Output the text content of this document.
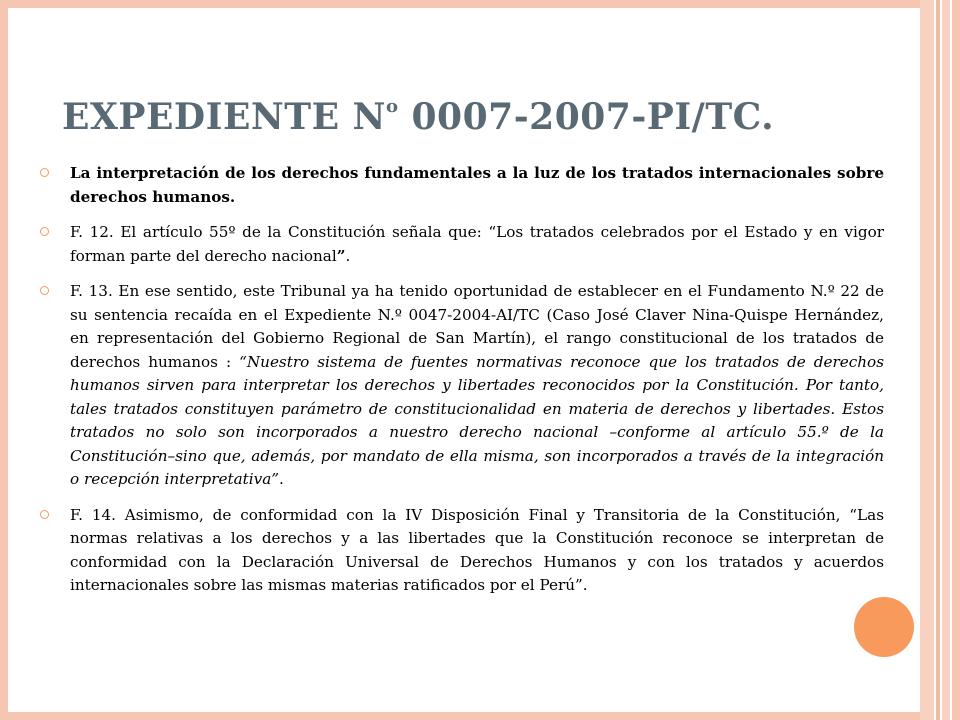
EXPEDIENTE $N^o$ 0007-2007-PI/TC.

La interpretación de los derechos fundamentales a la luz de los tratados internacionales sobre derechos humanos.

F. 12. El artículo 55º de la Constitución señala que: “Los tratados celebrados por el Estado y en vigor forman parte del derecho nacional”.

F. 13. En ese sentido, este Tribunal ya ha tenido oportunidad de establecer en el Fundamento N.º 22 de su sentencia recaída en el Expediente N.º 0047-2004-AI/TC (Caso José Claver Nina-Quispe Hernández, en representación del Gobierno Regional de San Martín), el rango constitucional de los tratados de derechos humanos : “Nuestro sistema de fuentes normativas reconoce que los tratados de derechos humanos sirven para interpretar los derechos y libertades reconocidos por la Constitución. Por tanto, tales tratados constituyen parámetro de constitucionalidad en materia de derechos y libertades. Estos tratados no solo son incorporados a nuestro derecho nacional –conforme al artículo 55.º de la Constitución–sino que, además, por mandato de ella misma, son incorporados a través de la integración o recepción interpretativa”.

F. 14. Asimismo, de conformidad con la IV Disposición Final y Transitoria de la Constitución, “Las normas relativas a los derechos y a las libertades que la Constitución reconoce se interpretan de conformidad con la Declaración Universal de Derechos Humanos y con los tratados y acuerdos internacionales sobre las mismas materias ratificados por el Perú”.
